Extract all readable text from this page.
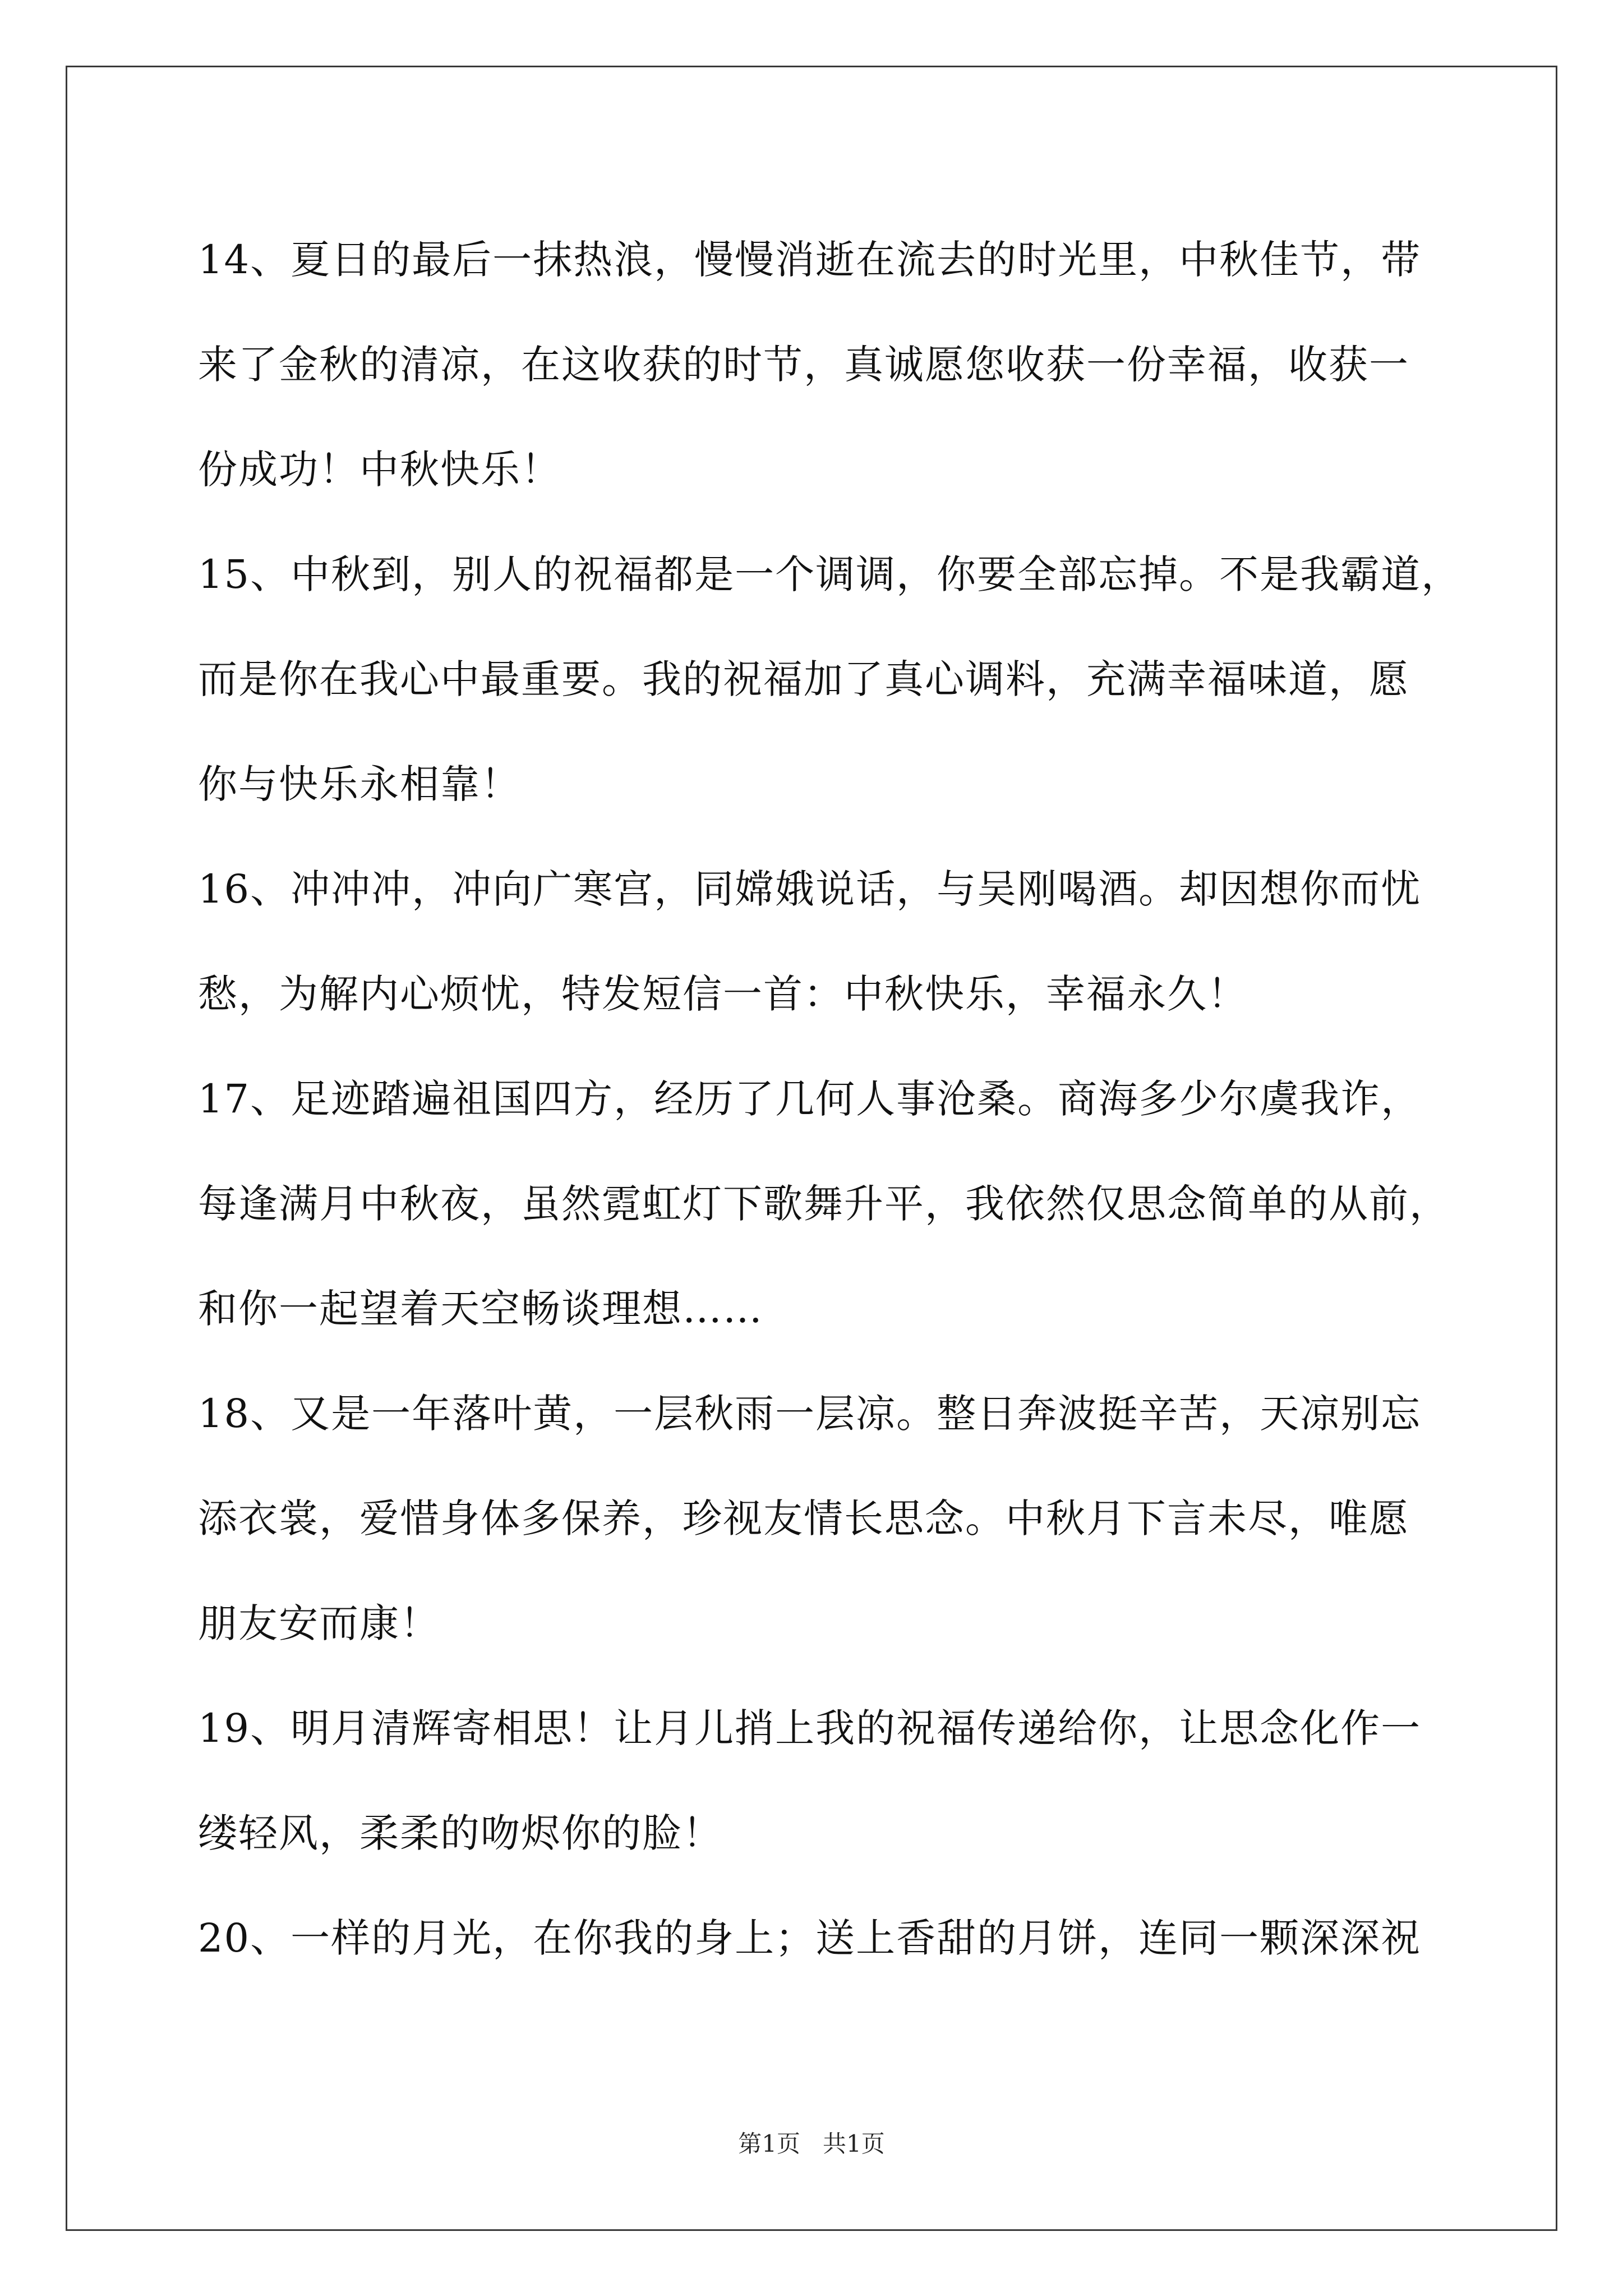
14、夏日的最后一抹热浪，慢慢消逝在流去的时光里，中秋佳节，带
来了金秋的清凉，在这收获的时节，真诚愿您收获一份幸福，收获一
份成功！中秋快乐！
15、中秋到，别人的祝福都是一个调调，你要全部忘掉。不是我霸道，
而是你在我心中最重要。我的祝福加了真心调料，充满幸福味道，愿
你与快乐永相靠！
16、冲冲冲，冲向广寒宫，同嫦娥说话，与吴刚喝酒。却因想你而忧
愁，为解内心烦忧，特发短信一首：中秋快乐，幸福永久！
17、足迹踏遍祖国四方，经历了几何人事沧桑。商海多少尔虞我诈，
每逢满月中秋夜，虽然霓虹灯下歌舞升平，我依然仅思念简单的从前，
和你一起望着天空畅谈理想……
18、又是一年落叶黄，一层秋雨一层凉。整日奔波挺辛苦，天凉别忘
添衣裳，爱惜身体多保养，珍视友情长思念。中秋月下言未尽，唯愿
朋友安而康！
19、明月清辉寄相思！让月儿捎上我的祝福传递给你，让思念化作一
缕轻风，柔柔的吻烬你的脸！
20、一样的月光，在你我的身上；送上香甜的月饼，连同一颗深深祝
第1页 共1页
